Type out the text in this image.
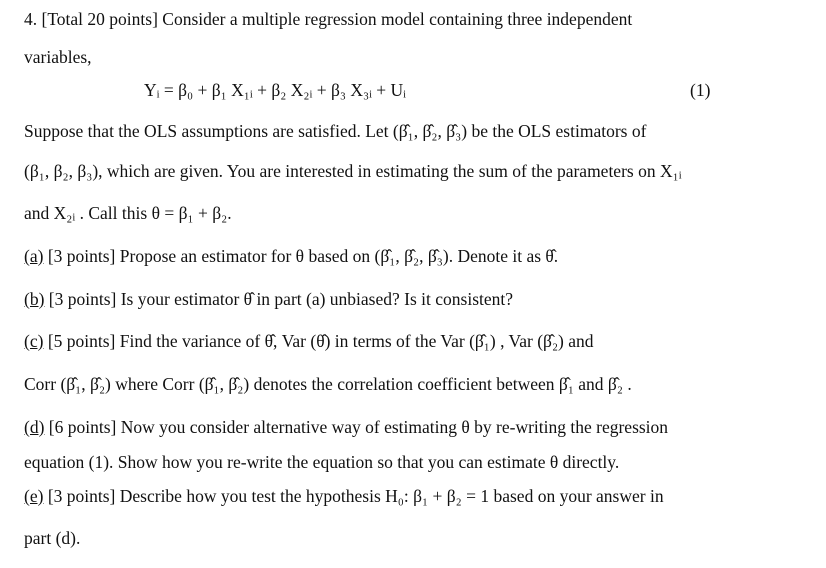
4. [Total 20 points] Consider a multiple regression model containing three independent
variables,
Yᵢ = β₀ + β₁ X₁ᵢ + β₂ X₂ᵢ + β₃ X₃ᵢ + Uᵢ	(1)
Suppose that the OLS assumptions are satisfied. Let (β̂₁, β̂₂, β̂₃) be the OLS estimators of
(β₁, β₂, β₃), which are given. You are interested in estimating the sum of the parameters on X₁ᵢ
and X₂ᵢ . Call this θ = β₁ + β₂.
(a) [3 points] Propose an estimator for θ based on (β̂₁, β̂₂, β̂₃). Denote it as θ̂.
(b) [3 points] Is your estimator θ̂ in part (a) unbiased? Is it consistent?
(c) [5 points] Find the variance of θ̂, Var (θ̂) in terms of the Var (β̂₁) , Var (β̂₂) and
Corr (β̂₁, β̂₂) where Corr (β̂₁, β̂₂) denotes the correlation coefficient between β̂₁ and β̂₂ .
(d) [6 points] Now you consider alternative way of estimating θ by re-writing the regression
equation (1). Show how you re-write the equation so that you can estimate θ directly.
(e) [3 points] Describe how you test the hypothesis H₀: β₁ + β₂ = 1 based on your answer in
part (d).
